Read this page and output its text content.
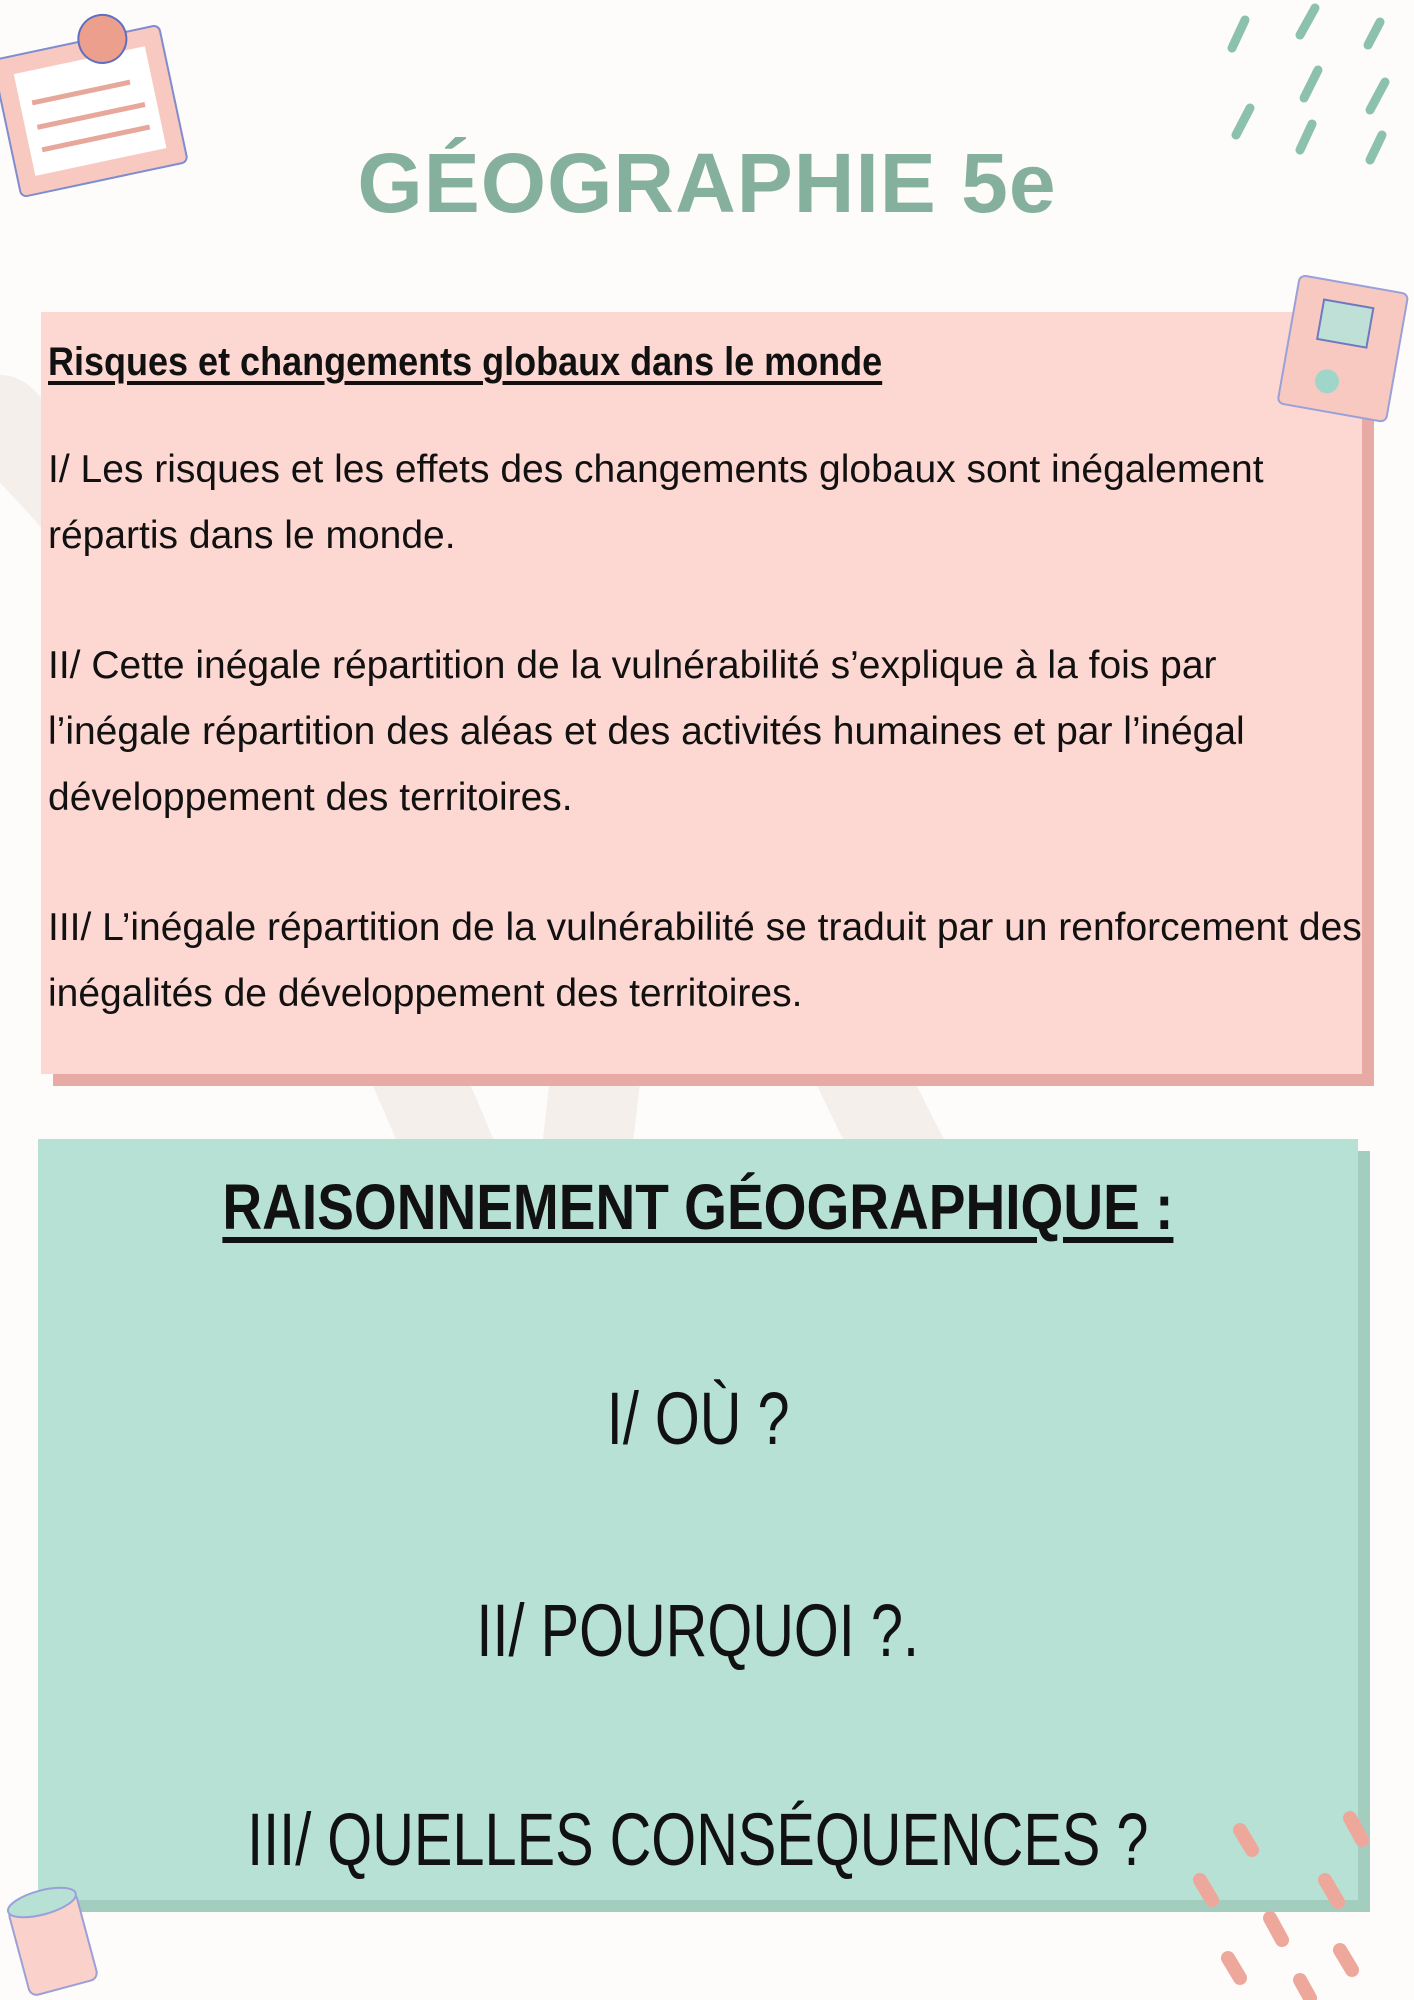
GÉOGRAPHIE 5e
Risques et changements globaux dans le monde
I/ Les risques et les effets des changements globaux sont inégalement répartis dans le monde.
II/ Cette inégale répartition de la vulnérabilité s’explique à la fois par l’inégale répartition des aléas et des activités humaines et par l’inégal développement des territoires.
III/ L’inégale répartition de la vulnérabilité se traduit par un renforcement des inégalités de développement des territoires.
RAISONNEMENT GÉOGRAPHIQUE :
I/ OÙ ?
II/ POURQUOI ?.
III/ QUELLES CONSÉQUENCES ?
